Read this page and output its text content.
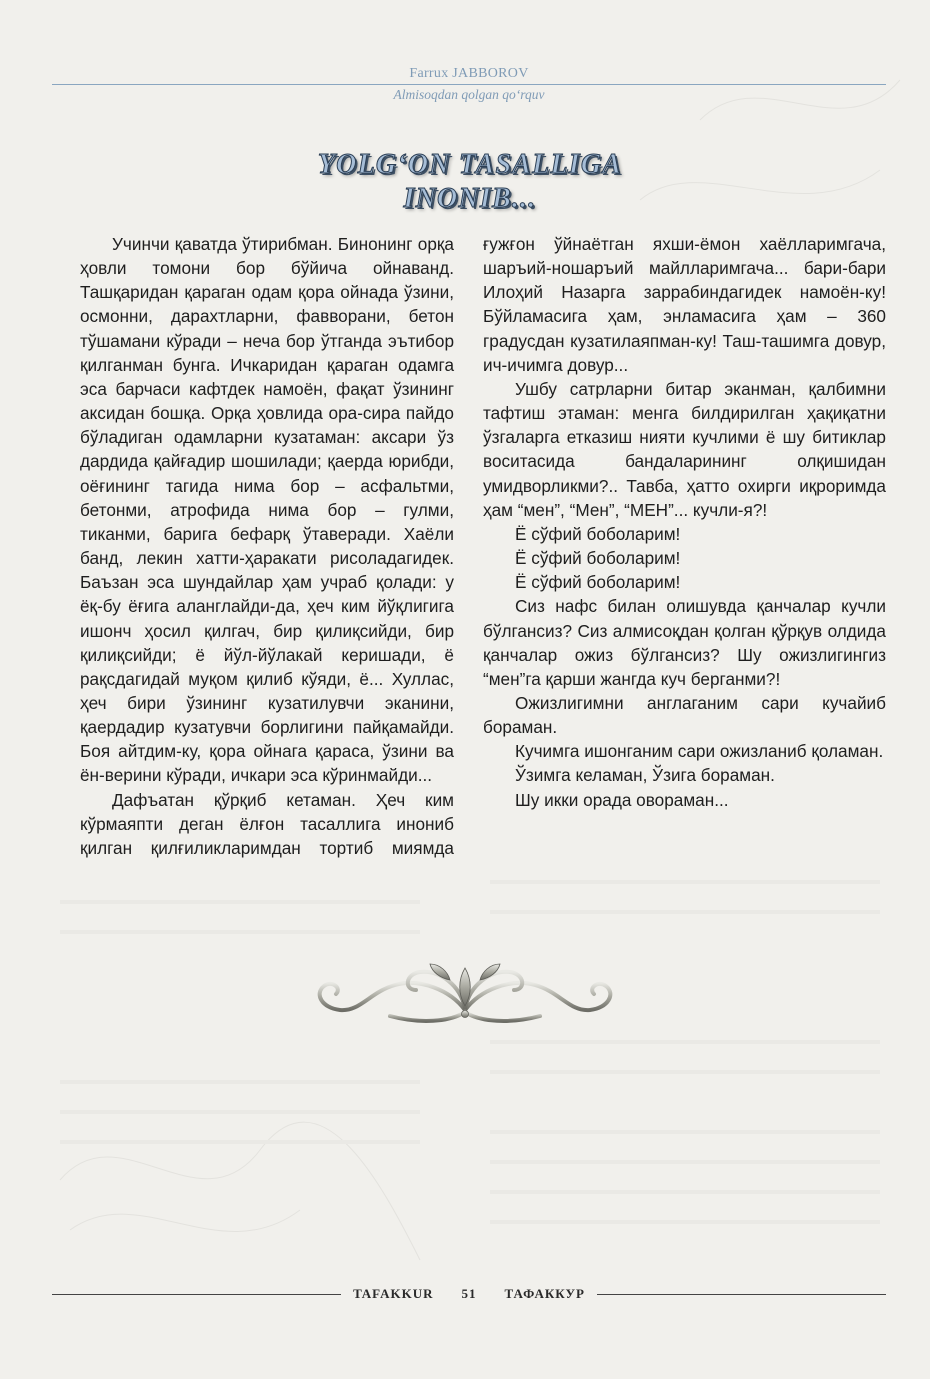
Farrux JABBOROV
Almisoqdan qolgan qo‘rquv
YOLG‘ON TASALLIGA
INONIB...

Учинчи қаватда ўтирибман. Бинонинг орқа ҳовли томони бор бўйича ойнаванд. Ташқаридан қараган одам қора ойнада ўзини, осмонни, дарахтларни, фавворани, бетон тўшамани кўради – неча бор ўтганда эътибор қилганман бунга. Ичкаридан қараган одамга эса барчаси кафтдек намоён, фақат ўзининг аксидан бошқа. Орқа ҳовлида ора-сира пайдо бўладиган одамларни кузатаман: аксари ўз дардида қайғадир шошилади; қаерда юрибди, оёғининг тагида нима бор – асфальтми, бетонми, атрофида нима бор – гулми, тиканми, барига бефарқ ўтаверади. Хаёли банд, лекин хатти-ҳаракати рисоладагидек. Баъзан эса шундайлар ҳам учраб қолади: у ёқ-бу ёғига аланглайди-да, ҳеч ким йўқлигига ишонч ҳосил қилгач, бир қилиқсийди, бир қилиқсийди; ё йўл-йўлакай керишади, ё рақсдагидай муқом қилиб кўяди, ё... Хуллас, ҳеч бири ўзининг кузатилувчи эканини, қаердадир кузатувчи борлигини пайқамайди. Боя айтдим-ку, қора ойнага қараса, ўзини ва ён-верини кўради, ичкари эса кўринмайди...

Дафъатан қўрқиб кетаман. Ҳеч ким кўрмаяпти деган ёлғон тасаллига инониб қилган қилғиликларимдан тортиб миямда

ғужғон ўйнаётган яхши-ёмон хаёлларимгача, шаръий-ношаръий майлларимгача... бари-бари Илоҳий Назарга заррабиндагидек намоён-ку! Бўйламасига ҳам, энламасига ҳам – 360 градусдан кузатилаяпман-ку! Таш-ташимга довур, ич-ичимга довур...

Ушбу сатрларни битар эканман, қалбимни тафтиш этаман: менга билдирилган ҳақиқатни ўзгаларга етказиш нияти кучлими ё шу битиклар воситасида бандаларининг олқишидан умидворликми?.. Тавба, ҳатто охирги иқроримда ҳам “мен”, “Мен”, “МЕН”... кучли-я?!

Ё сўфий боболарим!

Ё сўфий боболарим!

Ё сўфий боболарим!

Сиз нафс билан олишувда қанчалар кучли бўлгансиз? Сиз алмисоқдан қолган қўрқув олдида қанчалар ожиз бўлгансиз? Шу ожизлигингиз “мен”га қарши жангда куч берганми?!

Ожизлигимни англаганим сари кучайиб бораман.

Кучимга ишонганим сари ожизланиб қоламан.

Ўзимга келаман, Ўзига бораман.

Шу икки орада овораман...

TAFAKKUR	51	ТАФАККУР
